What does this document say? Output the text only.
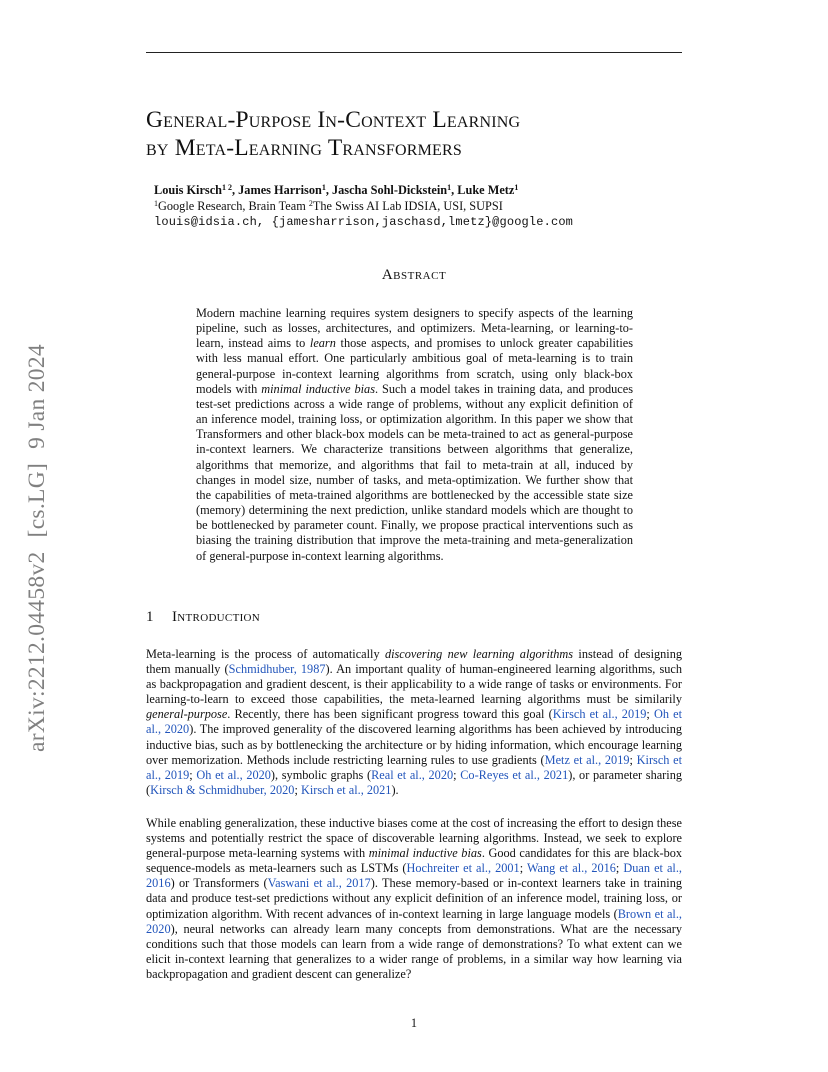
arXiv:2212.04458v2[cs.LG]9 Jan 2024
General-Purpose In-Context Learning
by Meta-Learning Transformers
Louis Kirsch$^{1 2}$, James Harrison$^1$, Jascha Sohl-Dickstein$^1$, Luke Metz$^1$
$^1$Google Research, Brain Team $^2$The Swiss AI Lab IDSIA, USI, SUPSI
louis@idsia.ch, {jamesharrison,jaschasd,lmetz}@google.com
Abstract
Modern machine learning requires system designers to specify aspects of the learning pipeline, such as losses, architectures, and optimizers. Meta-learning, or learning-to-learn, instead aims to learn those aspects, and promises to unlock greater capabilities with less manual effort. One particularly ambitious goal of meta-learning is to train general-purpose in-context learning algorithms from scratch, using only black-box models with minimal inductive bias. Such a model takes in training data, and produces test-set predictions across a wide range of problems, without any explicit definition of an inference model, training loss, or optimization algorithm. In this paper we show that Transformers and other black-box models can be meta-trained to act as general-purpose in-context learners. We characterize transitions between algorithms that generalize, algorithms that memorize, and algorithms that fail to meta-train at all, induced by changes in model size, number of tasks, and meta-optimization. We further show that the capabilities of meta-trained algorithms are bottlenecked by the accessible state size (memory) determining the next prediction, unlike standard models which are thought to be bottlenecked by parameter count. Finally, we propose practical interventions such as biasing the training distribution that improve the meta-training and meta-generalization of general-purpose in-context learning algorithms.
1 Introduction
Meta-learning is the process of automatically discovering new learning algorithms instead of designing them manually (Schmidhuber, 1987). An important quality of human-engineered learning algorithms, such as backpropagation and gradient descent, is their applicability to a wide range of tasks or environments. For learning-to-learn to exceed those capabilities, the meta-learned learning algorithms must be similarily general-purpose. Recently, there has been significant progress toward this goal (Kirsch et al., 2019; Oh et al., 2020). The improved generality of the discovered learning algorithms has been achieved by introducing inductive bias, such as by bottlenecking the architecture or by hiding information, which encourage learning over memorization. Methods include restricting learning rules to use gradients (Metz et al., 2019; Kirsch et al., 2019; Oh et al., 2020), symbolic graphs (Real et al., 2020; Co-Reyes et al., 2021), or parameter sharing (Kirsch & Schmidhuber, 2020; Kirsch et al., 2021).
While enabling generalization, these inductive biases come at the cost of increasing the effort to design these systems and potentially restrict the space of discoverable learning algorithms. Instead, we seek to explore general-purpose meta-learning systems with minimal inductive bias. Good candidates for this are black-box sequence-models as meta-learners such as LSTMs (Hochreiter et al., 2001; Wang et al., 2016; Duan et al., 2016) or Transformers (Vaswani et al., 2017). These memory-based or in-context learners take in training data and produce test-set predictions without any explicit definition of an inference model, training loss, or optimization algorithm. With recent advances of in-context learning in large language models (Brown et al., 2020), neural networks can already learn many concepts from demonstrations. What are the necessary conditions such that those models can learn from a wide range of demonstrations? To what extent can we elicit in-context learning that generalizes to a wider range of problems, in a similar way how learning via backpropagation and gradient descent can generalize?
1
